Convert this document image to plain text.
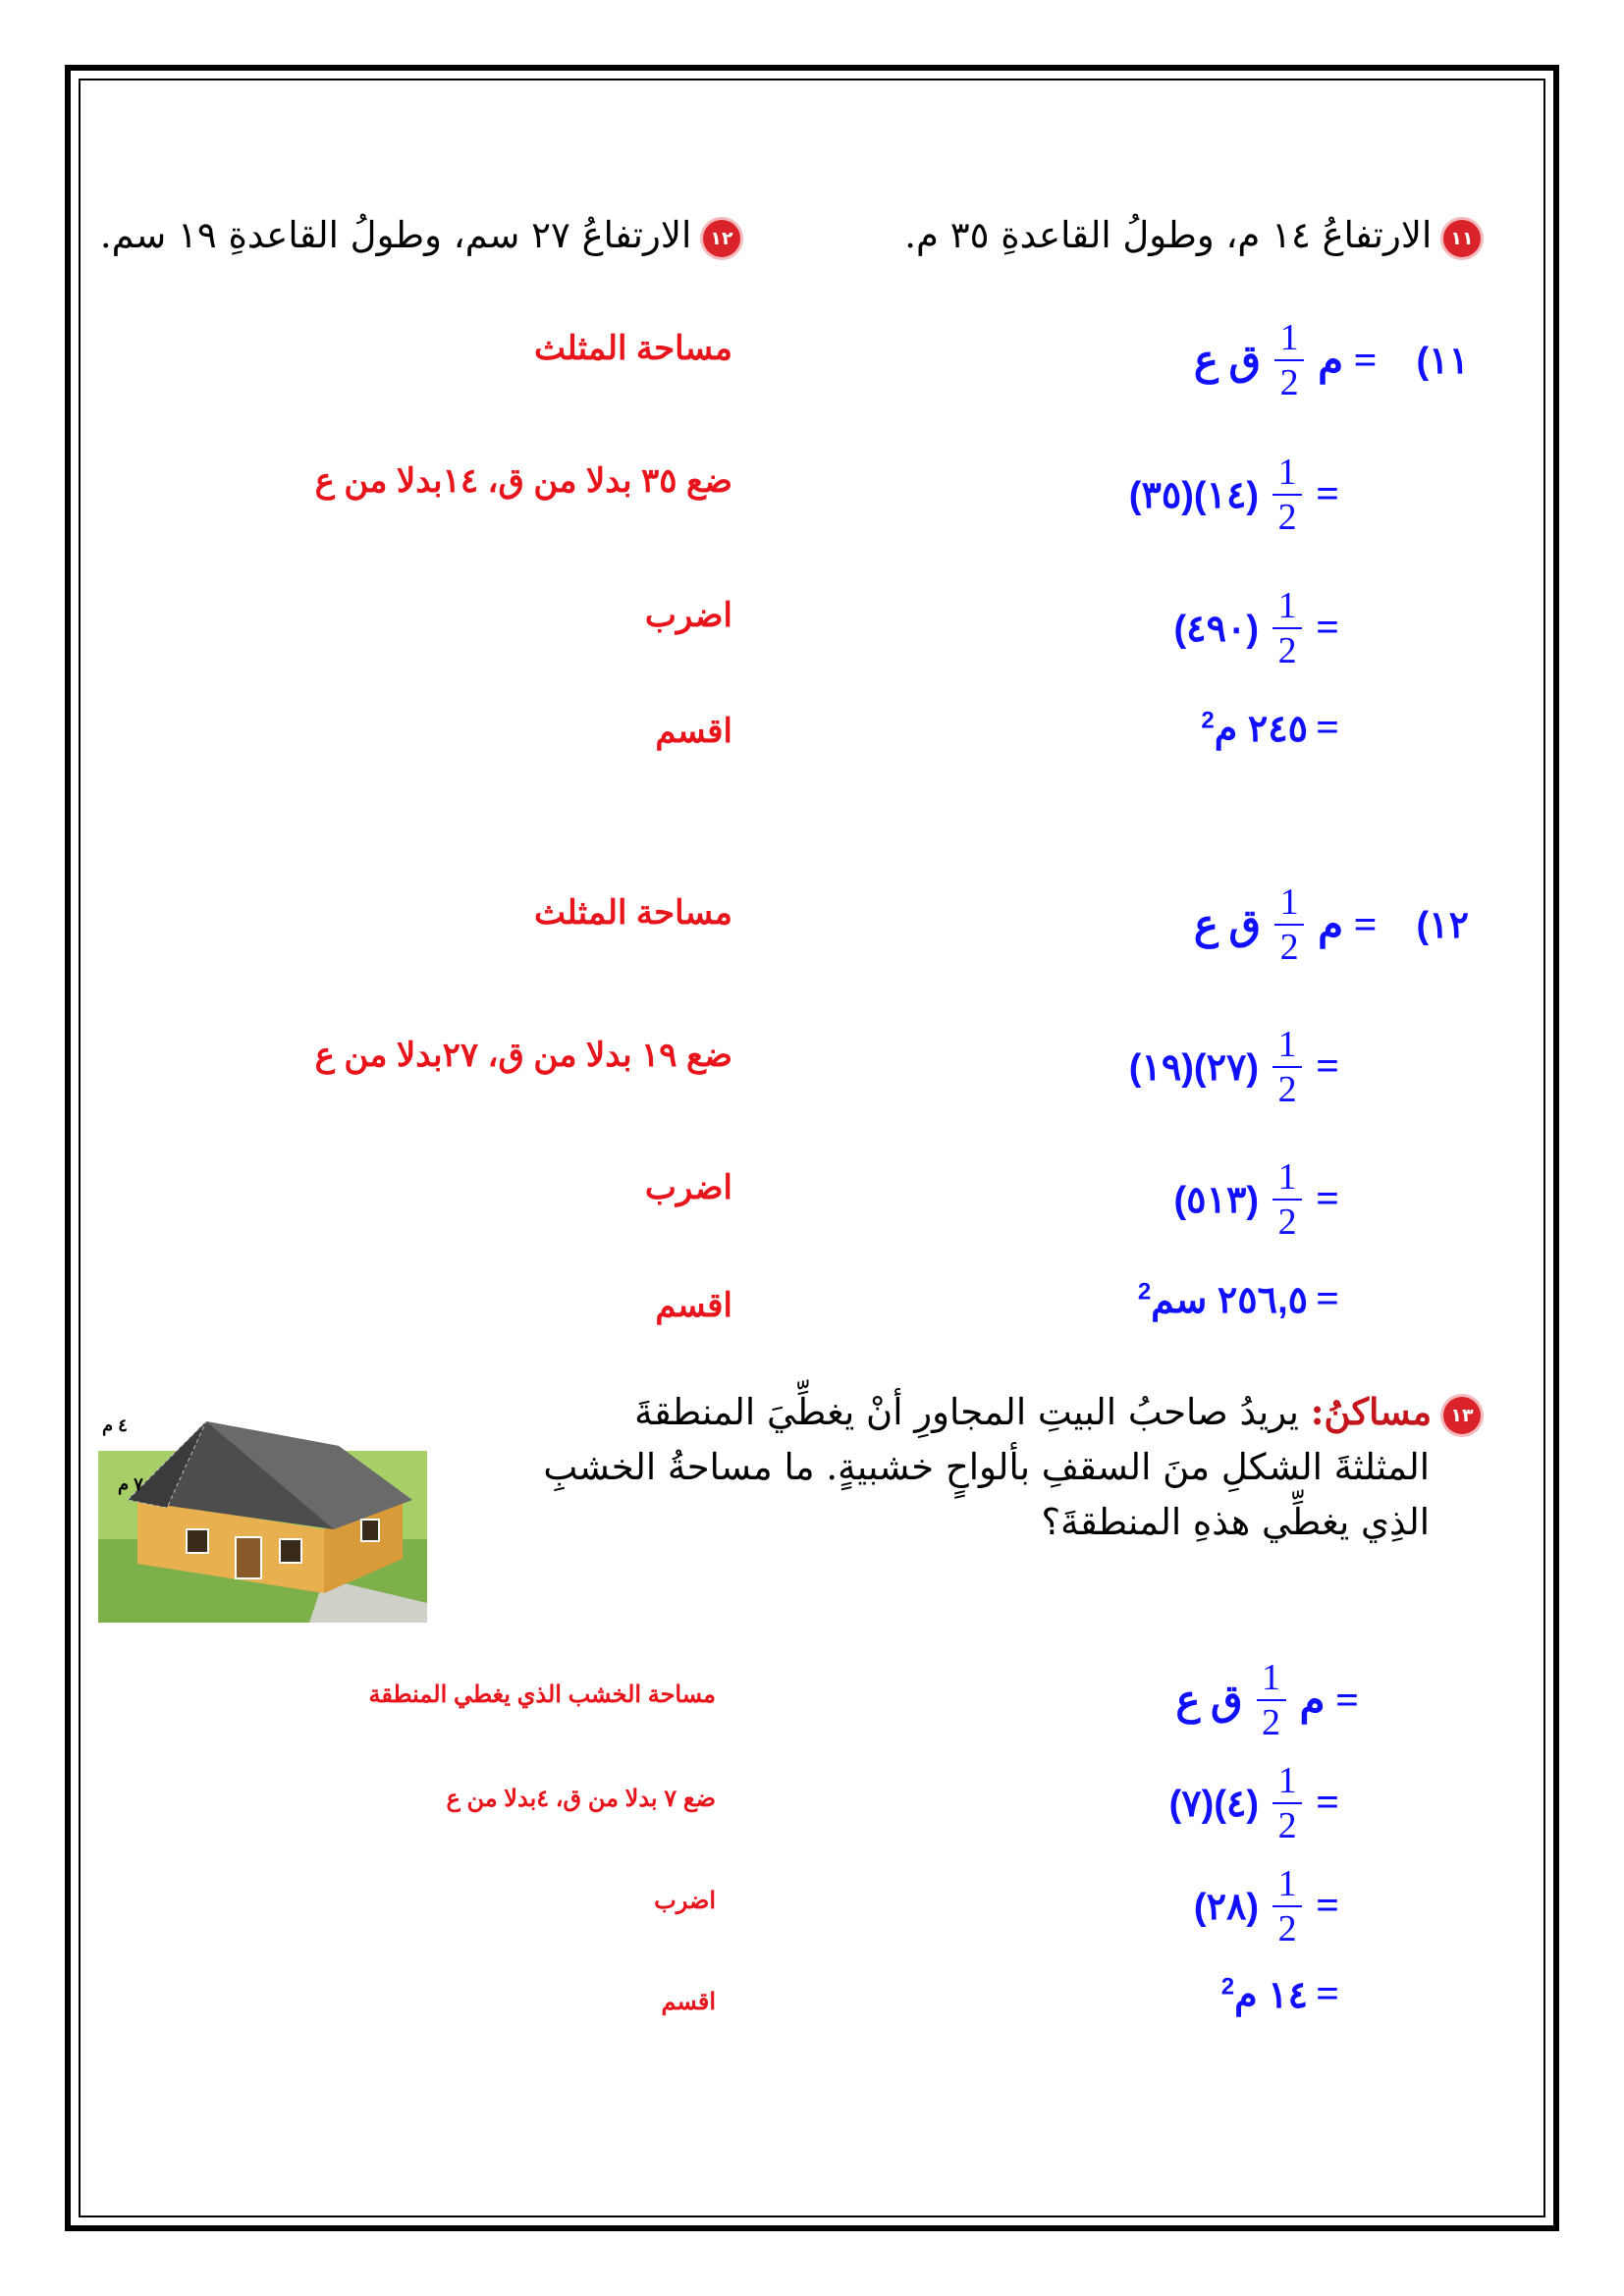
١١ الارتفاعُ ١٤ م، وطولُ القاعدةِ ٣٥ م.
١٢ الارتفاعُ ٢٧ سم، وطولُ القاعدةِ ١٩ سم.
(١١
م =
$\frac{1}{2}$
ق ع
=
$\frac{1}{2}$
(٣٥)(١٤)
=
$\frac{1}{2}$
(٤٩٠)
=
٢٤٥ م$^2$
مساحة المثلث
ضع ٣٥ بدلا من ق، ١٤بدلا من ع
اضرب
اقسم
(١٢
م =
$\frac{1}{2}$
ق ع
=
$\frac{1}{2}$
(١٩)(٢٧)
=
$\frac{1}{2}$
(٥١٣)
=
٢٥٦,٥ سم$^2$
مساحة المثلث
ضع ١٩ بدلا من ق، ٢٧بدلا من ع
اضرب
اقسم
١٣ مساكنُ: يريدُ صاحبُ البيتِ المجاورِ أنْ يغطِّيَ المنطقةَ
المثلثةَ الشكلِ منَ السقفِ بألواحٍ خشبيةٍ. ما مساحةُ الخشبِ
الذِي يغطِّي هذهِ المنطقةَ؟
٤ م
٧ م
م =
$\frac{1}{2}$
ق ع
=
$\frac{1}{2}$
(٧)(٤)
=
$\frac{1}{2}$
(٢٨)
=
١٤ م$^2$
مساحة الخشب الذي يغطي المنطقة
ضع ٧ بدلا من ق، ٤بدلا من ع
اضرب
اقسم
